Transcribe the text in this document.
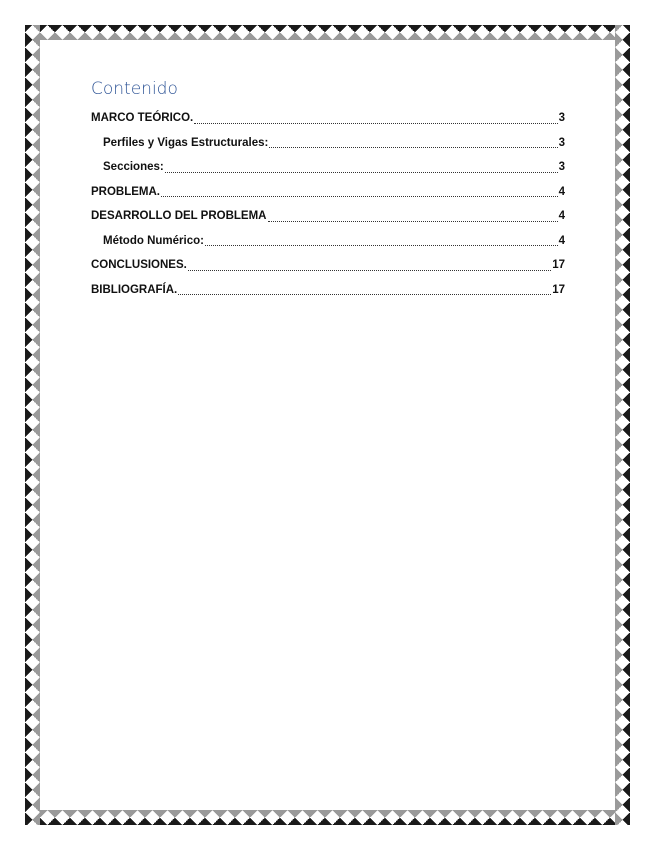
Contenido
MARCO TEÓRICO.	3
Perfiles y Vigas Estructurales:	3
Secciones:	3
PROBLEMA.	4
DESARROLLO DEL PROBLEMA	4
Método Numérico:	4
CONCLUSIONES.	17
BIBLIOGRAFÍA.	17
